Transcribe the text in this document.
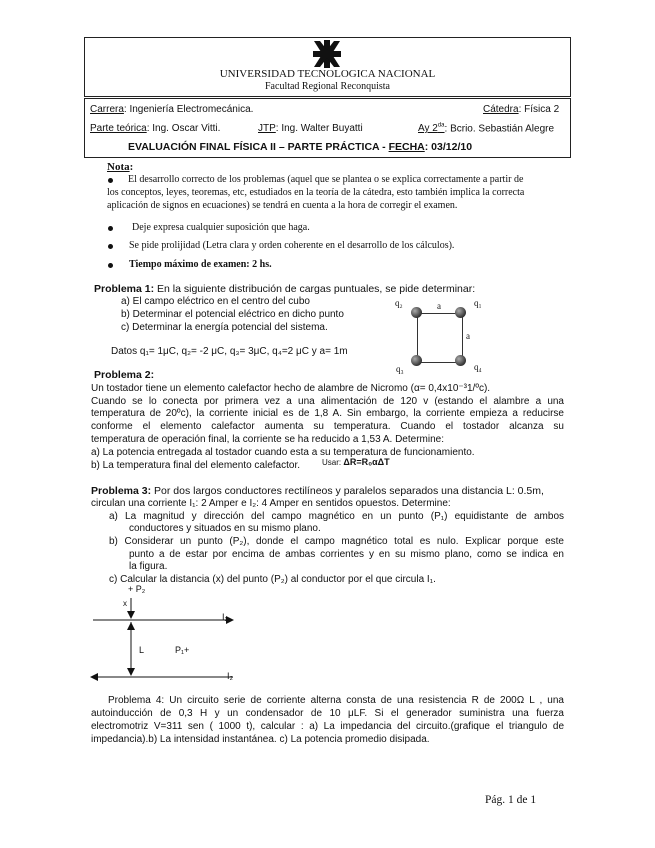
UNIVERSIDAD TECNOLOGICA NACIONAL
Facultad Regional Reconquista
Carrera: Ingeniería Electromecánica.	Cátedra: Física 2
Parte teórica: Ing. Oscar Vitti.	JTP: Ing. Walter Buyatti	Ay $2^{da}$: Bcrio. Sebastián Alegre
EVALUACIÓN FINAL FÍSICA II – PARTE PRÁCTICA - FECHA: 03/12/10
Nota:
El desarrollo correcto de los problemas (aquel que se plantea o se explica correctamente a partir de
los conceptos, leyes, teoremas, etc, estudiados en la teoría de la cátedra, esto también implica la correcta
aplicación de signos en ecuaciones) se tendrá en cuenta a la hora de corregir el examen.
Deje expresa cualquier suposición que haga.
Se pide prolijidad (Letra clara y orden coherente en el desarrollo de los cálculos).
Tiempo máximo de examen: 2 hs.
Problema 1: En la siguiente distribución de cargas puntuales, se pide determinar:
a) El campo eléctrico en el centro del cubo
b) Determinar el potencial eléctrico en dicho punto
c) Determinar la energía potencial del sistema.
Datos q₁= 1μC, q₂= -2 μC, q₃= 3μC, q₄=2 μC y a= 1m
q₂	q₁
q₃	q₄
a
a
Problema 2:
Un tostador tiene un elemento calefactor hecho de alambre de Nicromo (α= 0,4x10⁻³1/ºc).
Cuando se lo conecta por primera vez a una alimentación de 120 v (estando el alambre a una
temperatura de 20ºc), la corriente inicial es de 1,8 A. Sin embargo, la corriente empieza a reducirse
conforme el elemento calefactor aumenta su temperatura. Cuando el tostador alcanza su
temperatura de operación final, la corriente se ha reducido a 1,53 A. Determine:
a) La potencia entregada al tostador cuando esta a su temperatura de funcionamiento.
b) La temperatura final del elemento calefactor.	Usar: ΔR=R₀αΔT
Problema 3: Por dos largos conductores rectilíneos y paralelos separados una distancia L: 0.5m,
circulan una corriente I₁: 2 Amper e I₂: 4 Amper en sentidos opuestos. Determine:
a) La magnitud y dirección del campo magnético en un punto (P₁) equidistante de ambos
conductores y situados en su mismo plano.
b) Considerar un punto (P₂), donde el campo magnético total es nulo. Explicar porque este
punto a de estar por encima de ambas corrientes y en su mismo plano, como se indica en
la figura.
c) Calcular la distancia (x) del punto (P₂) al conductor por el que circula I₁.
+ P₂
x
I₁
L	P₁+
I₂
Problema 4: Un circuito serie de corriente alterna consta de una resistencia R de 200Ω L , una
autoinducción de 0,3 H y un condensador de 10 μLF. Si el generador suministra una fuerza
electromotriz V=311 sen ( 1000 t), calcular : a) La impedancia del circuito.(grafique el triangulo de
impedancia).b) La intensidad instantánea. c) La potencia promedio disipada.
Pág. 1 de 1
